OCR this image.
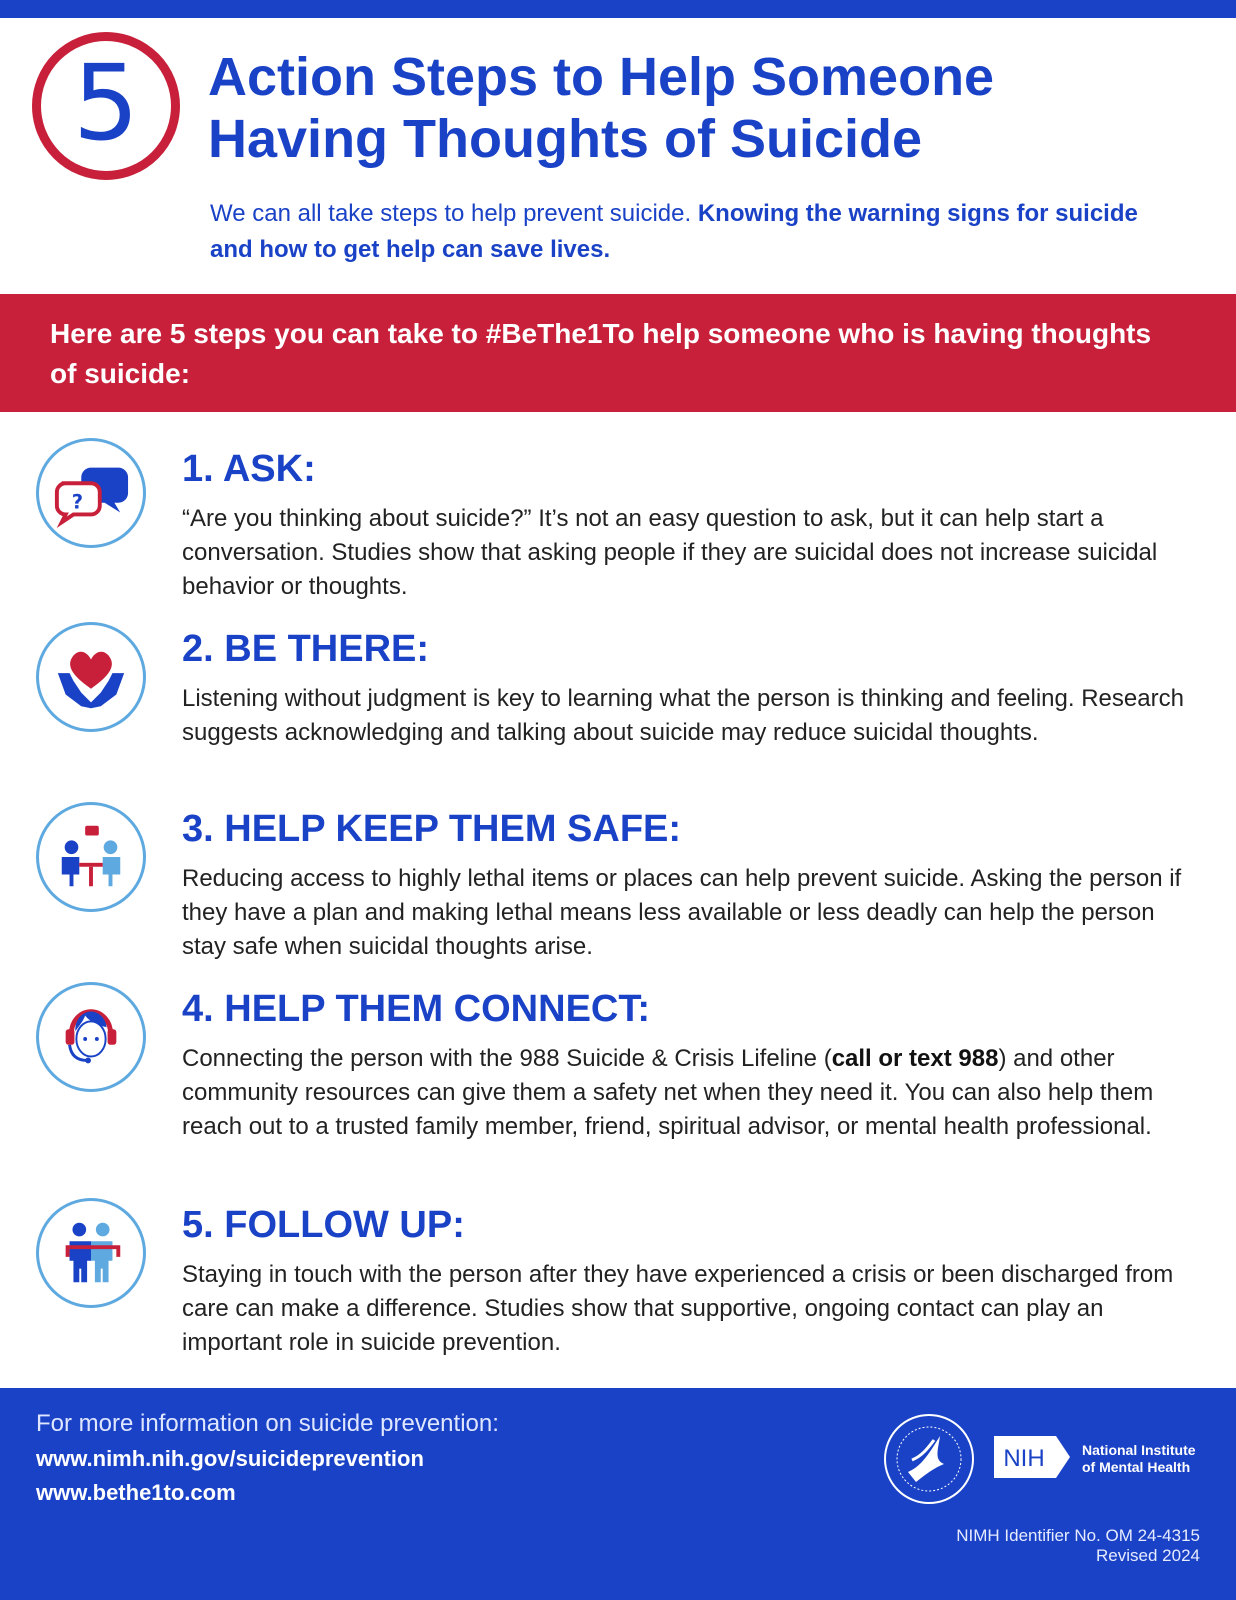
5 Action Steps to Help Someone
Having Thoughts of Suicide

We can all take steps to help prevent suicide. Knowing the warning signs for suicide and how to get help can save lives.

Here are 5 steps you can take to #BeThe1To help someone who is having thoughts of suicide:

?
1. ASK:

“Are you thinking about suicide?” It’s not an easy question to ask, but it can help start a conversation. Studies show that asking people if they are suicidal does not increase suicidal behavior or thoughts.

2. BE THERE:

Listening without judgment is key to learning what the person is thinking and feeling. Research suggests acknowledging and talking about suicide may reduce suicidal thoughts.

3. HELP KEEP THEM SAFE:

Reducing access to highly lethal items or places can help prevent suicide. Asking the person if they have a plan and making lethal means less available or less deadly can help the person stay safe when suicidal thoughts arise.

4. HELP THEM CONNECT:

Connecting the person with the 988 Suicide & Crisis Lifeline (call or text 988) and other community resources can give them a safety net when they need it. You can also help them reach out to a trusted family member, friend, spiritual advisor, or mental health professional.

5. FOLLOW UP:

Staying in touch with the person after they have experienced a crisis or been discharged from care can make a difference. Studies show that supportive, ongoing contact can play an important role in suicide prevention.

For more information on suicide prevention:
www.nimh.nih.gov/suicideprevention
www.bethe1to.com
NIH	National Institute
of Mental Health
NIMH Identifier No. OM 24-4315
Revised 2024
